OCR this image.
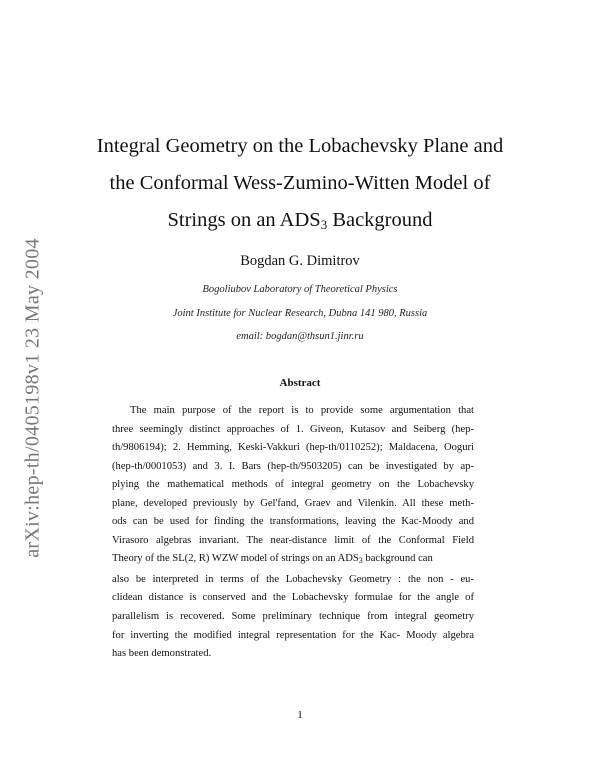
arXiv:hep-th/0405198v1 23 May 2004
Integral Geometry on the Lobachevsky Plane and
the Conformal Wess-Zumino-Witten Model of
Strings on an $ADS_3$ Background
Bogdan G. Dimitrov
Bogoliubov Laboratory of Theoretical Physics
Joint Institute for Nuclear Research, Dubna 141 980, Russia
email: bogdan@thsun1.jinr.ru
Abstract
The main purpose of the report is to provide some argumentation that
three seemingly distinct approaches of 1. Giveon, Kutasov and Seiberg (hep-
th/9806194); 2. Hemming, Keski-Vakkuri (hep-th/0110252); Maldacena, Ooguri
(hep-th/0001053) and 3. I. Bars (hep-th/9503205) can be investigated by ap-
plying the mathematical methods of integral geometry on the Lobachevsky
plane, developed previously by Gel'fand, Graev and Vilenkin. All these meth-
ods can be used for finding the transformations, leaving the Kac-Moody and
Virasoro algebras invariant. The near-distance limit of the Conformal Field
Theory of the SL(2, R) WZW model of strings on an $ADS_3$ background can
also be interpreted in terms of the Lobachevsky Geometry : the non - eu-
clidean distance is conserved and the Lobachevsky formulae for the angle of
parallelism is recovered. Some preliminary technique from integral geometry
for inverting the modified integral representation for the Kac- Moody algebra
has been demonstrated.
1
